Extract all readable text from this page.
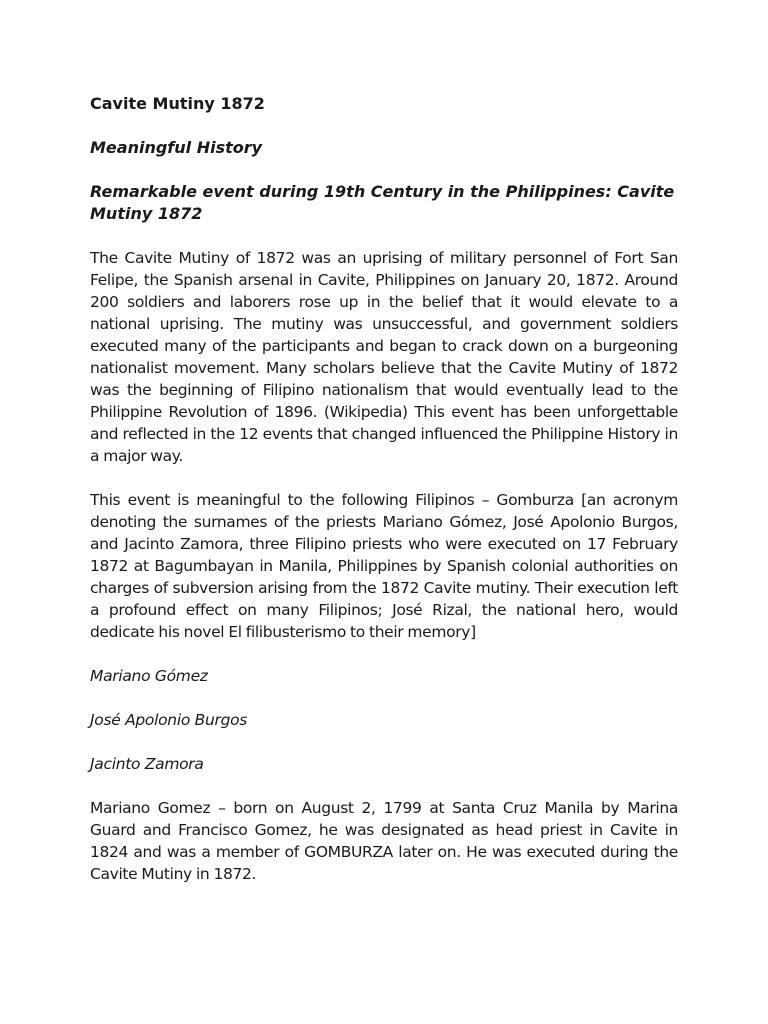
Cavite Mutiny 1872

Meaningful History

Remarkable event during 19th Century in the Philippines: Cavite Mutiny 1872

The Cavite Mutiny of 1872 was an uprising of military personnel of Fort San Felipe, the Spanish arsenal in Cavite, Philippines on January 20, 1872. Around 200 soldiers and laborers rose up in the belief that it would elevate to a national uprising. The mutiny was unsuccessful, and government soldiers executed many of the participants and began to crack down on a burgeoning nationalist movement. Many scholars believe that the Cavite Mutiny of 1872 was the beginning of Filipino nationalism that would eventually lead to the Philippine Revolution of 1896. (Wikipedia) This event has been unforgettable and reflected in the 12 events that changed influenced the Philippine History in a major way.

This event is meaningful to the following Filipinos – Gomburza [an acronym denoting the surnames of the priests Mariano Gómez, José Apolonio Burgos, and Jacinto Zamora, three Filipino priests who were executed on 17 February 1872 at Bagumbayan in Manila, Philippines by Spanish colonial authorities on charges of subversion arising from the 1872 Cavite mutiny. Their execution left a profound effect on many Filipinos; José Rizal, the national hero, would dedicate his novel El filibusterismo to their memory]

Mariano Gómez

José Apolonio Burgos

Jacinto Zamora

Mariano Gomez – born on August 2, 1799 at Santa Cruz Manila by Marina Guard and Francisco Gomez, he was designated as head priest in Cavite in 1824 and was a member of GOMBURZA later on. He was executed during the Cavite Mutiny in 1872.
